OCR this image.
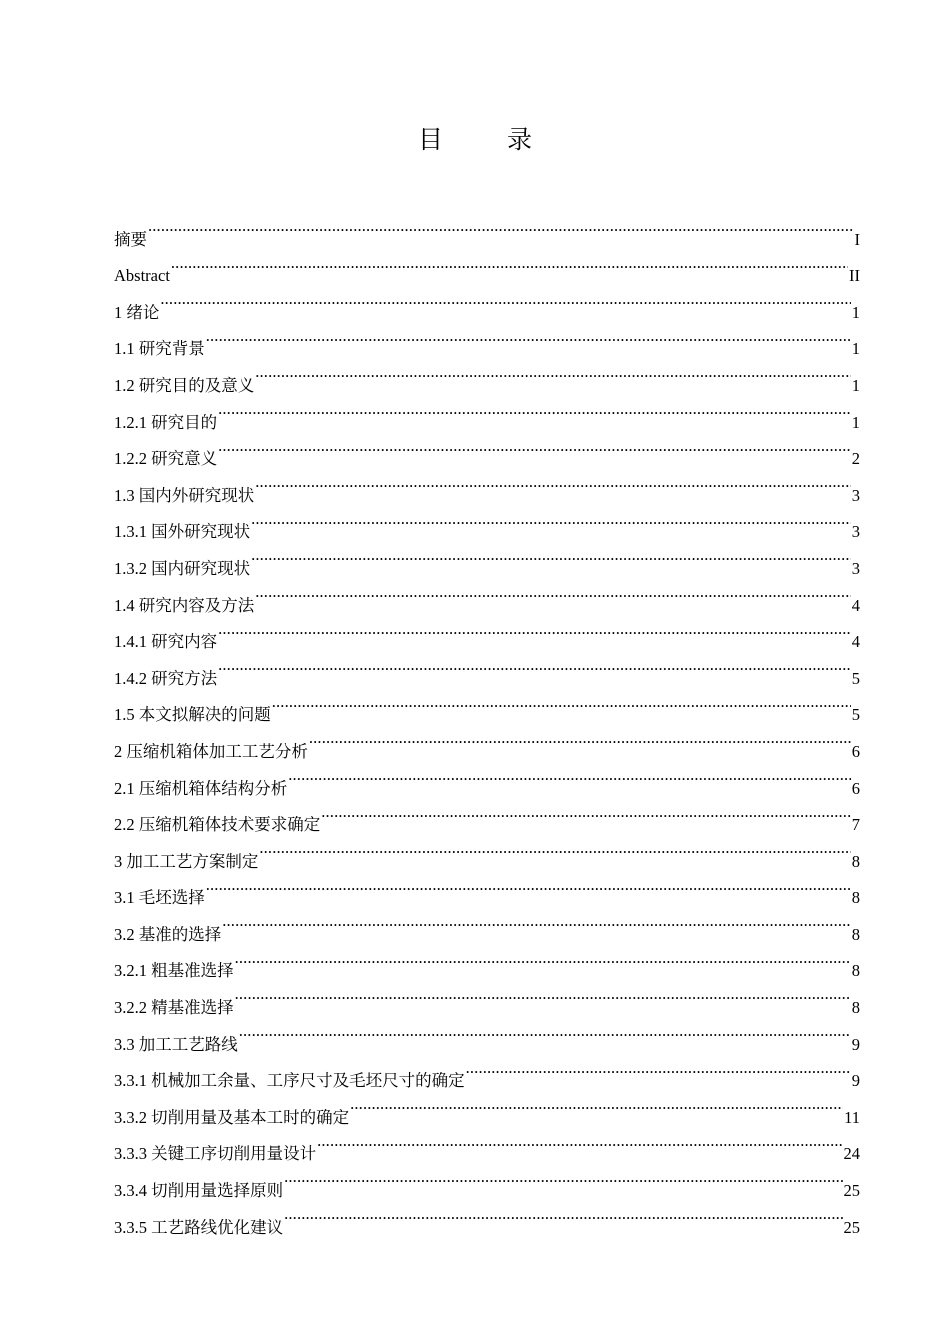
目 录
摘要 .....	I
Abstract .....	II
1 绪论 .....	1
1.1 研究背景 .....	1
1.2 研究目的及意义 .....	1
1.2.1 研究目的 .....	1
1.2.2 研究意义 .....	2
1.3 国内外研究现状 .....	3
1.3.1 国外研究现状 .....	3
1.3.2 国内研究现状 .....	3
1.4 研究内容及方法 .....	4
1.4.1 研究内容 .....	4
1.4.2 研究方法 .....	5
1.5 本文拟解决的问题 .....	5
2 压缩机箱体加工工艺分析 .....	6
2.1 压缩机箱体结构分析 .....	6
2.2 压缩机箱体技术要求确定 .....	7
3 加工工艺方案制定 .....	8
3.1 毛坯选择 .....	8
3.2 基准的选择 .....	8
3.2.1 粗基准选择 .....	8
3.2.2 精基准选择 .....	8
3.3 加工工艺路线 .....	9
3.3.1 机械加工余量、工序尺寸及毛坯尺寸的确定 .....	9
3.3.2 切削用量及基本工时的确定 .....	11
3.3.3 关键工序切削用量设计 .....	24
3.3.4 切削用量选择原则 .....	25
3.3.5 工艺路线优化建议 .....	25
